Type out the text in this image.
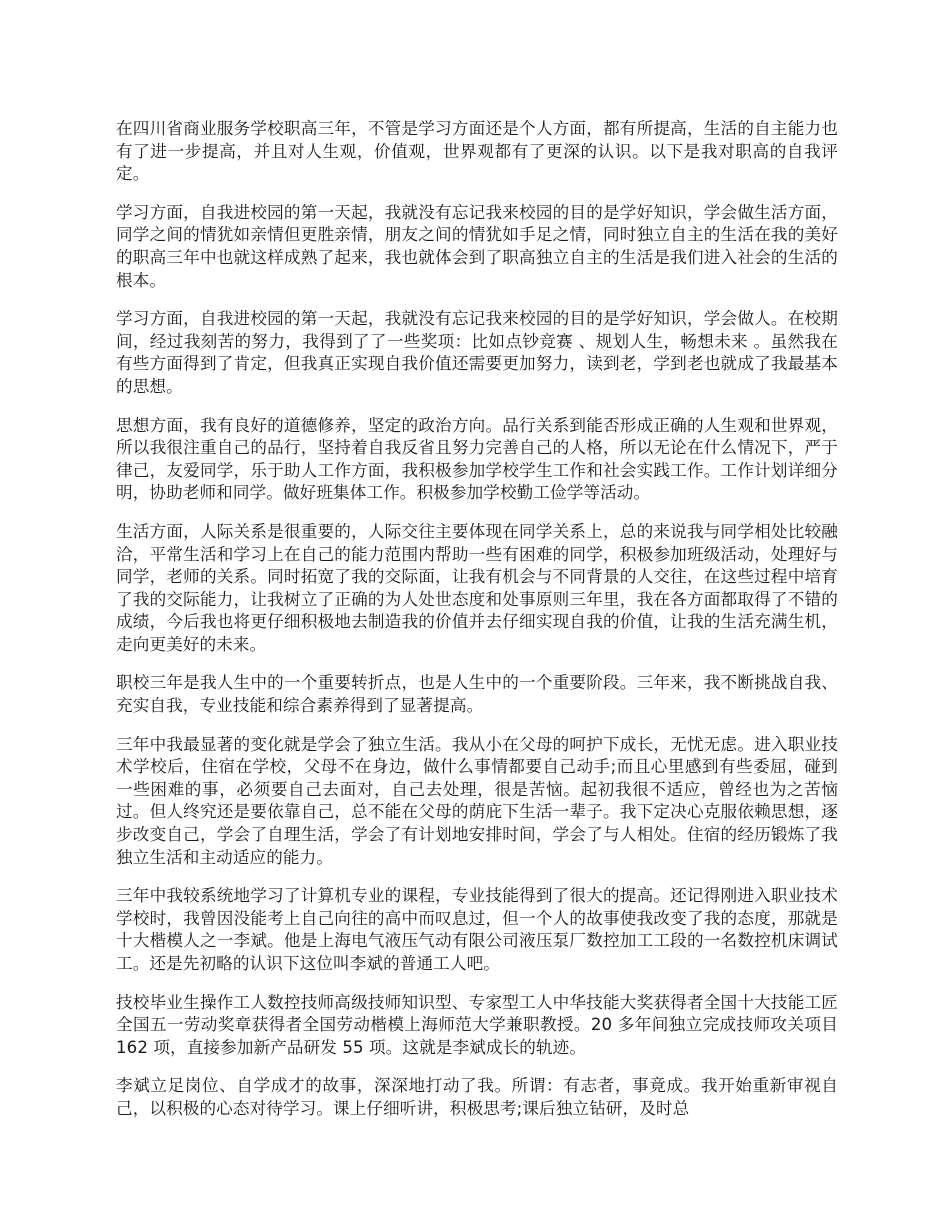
在四川省商业服务学校职高三年，不管是学习方面还是个人方面，都有所提高，生活的自主能力也有了进一步提高，并且对人生观，价值观，世界观都有了更深的认识。以下是我对职高的自我评定。

学习方面，自我进校园的第一天起，我就没有忘记我来校园的目的是学好知识，学会做生活方面，同学之间的情犹如亲情但更胜亲情，朋友之间的情犹如手足之情，同时独立自主的生活在我的美好的职高三年中也就这样成熟了起来，我也就体会到了职高独立自主的生活是我们进入社会的生活的根本。

学习方面，自我进校园的第一天起，我就没有忘记我来校园的目的是学好知识，学会做人。在校期间，经过我刻苦的努力，我得到了了一些奖项：比如点钞竞赛 、规划人生，畅想未来 。虽然我在有些方面得到了肯定，但我真正实现自我价值还需要更加努力，读到老，学到老也就成了我最基本的思想。

思想方面，我有良好的道德修养，坚定的政治方向。品行关系到能否形成正确的人生观和世界观，所以我很注重自己的品行，坚持着自我反省且努力完善自己的人格，所以无论在什么情况下，严于律己，友爱同学，乐于助人工作方面，我积极参加学校学生工作和社会实践工作。工作计划详细分明，协助老师和同学。做好班集体工作。积极参加学校勤工俭学等活动。

生活方面，人际关系是很重要的，人际交往主要体现在同学关系上，总的来说我与同学相处比较融洽，平常生活和学习上在自己的能力范围内帮助一些有困难的同学，积极参加班级活动，处理好与同学，老师的关系。同时拓宽了我的交际面，让我有机会与不同背景的人交往，在这些过程中培育了我的交际能力，让我树立了正确的为人处世态度和处事原则三年里，我在各方面都取得了不错的成绩，今后我也将更仔细积极地去制造我的价值并去仔细实现自我的价值，让我的生活充满生机，走向更美好的未来。

职校三年是我人生中的一个重要转折点，也是人生中的一个重要阶段。三年来，我不断挑战自我、充实自我，专业技能和综合素养得到了显著提高。

三年中我最显著的变化就是学会了独立生活。我从小在父母的呵护下成长，无忧无虑。进入职业技术学校后，住宿在学校，父母不在身边，做什么事情都要自己动手;而且心里感到有些委屈，碰到一些困难的事，必须要自己去面对，自己去处理，很是苦恼。起初我很不适应，曾经也为之苦恼过。但人终究还是要依靠自己，总不能在父母的荫庇下生活一辈子。我下定决心克服依赖思想，逐步改变自己，学会了自理生活，学会了有计划地安排时间，学会了与人相处。住宿的经历锻炼了我独立生活和主动适应的能力。

三年中我较系统地学习了计算机专业的课程，专业技能得到了很大的提高。还记得刚进入职业技术学校时，我曾因没能考上自己向往的高中而叹息过，但一个人的故事使我改变了我的态度，那就是十大楷模人之一李斌。他是上海电气液压气动有限公司液压泵厂数控加工工段的一名数控机床调试工。还是先初略的认识下这位叫李斌的普通工人吧。

技校毕业生操作工人数控技师高级技师知识型、专家型工人中华技能大奖获得者全国十大技能工匠全国五一劳动奖章获得者全国劳动楷模上海师范大学兼职教授。20 多年间独立完成技师攻关项目 162 项，直接参加新产品研发 55 项。这就是李斌成长的轨迹。

李斌立足岗位、自学成才的故事，深深地打动了我。所谓：有志者，事竟成。我开始重新审视自己，以积极的心态对待学习。课上仔细听讲，积极思考;课后独立钻研，及时总
